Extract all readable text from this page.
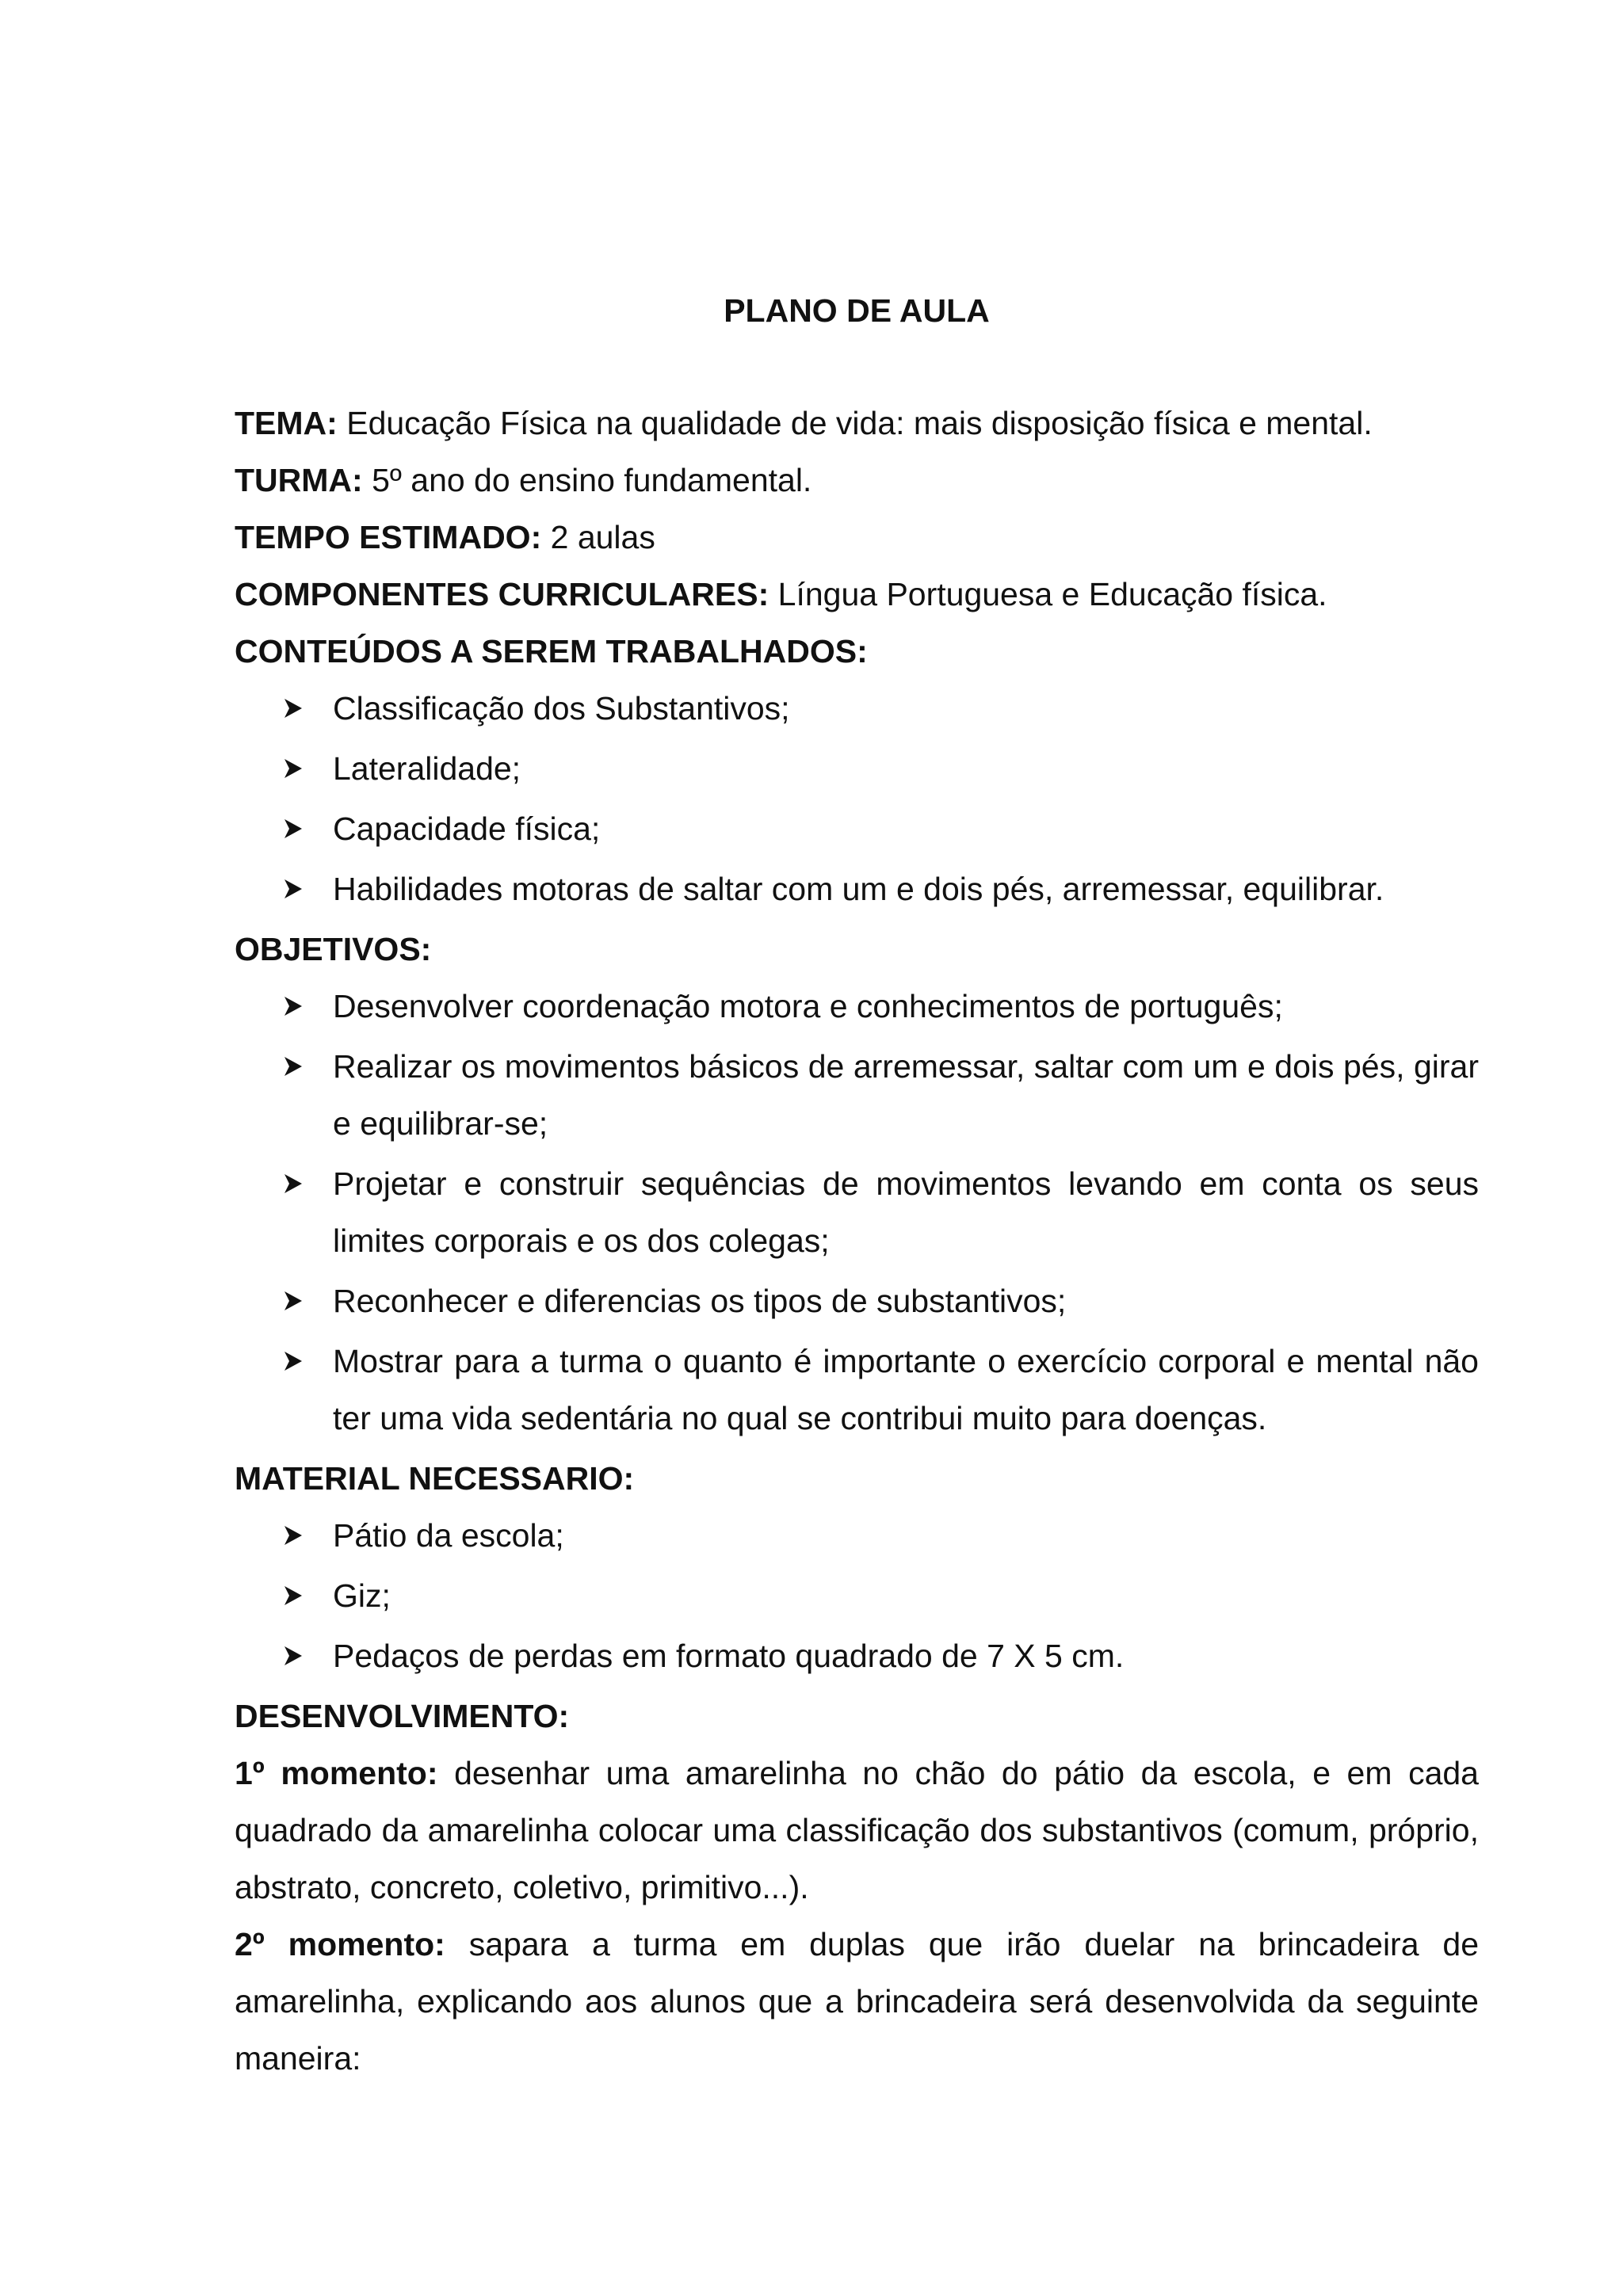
PLANO DE AULA

TEMA: Educação Física na qualidade de vida: mais disposição física e mental.

TURMA: 5º ano do ensino fundamental.

TEMPO ESTIMADO: 2 aulas

COMPONENTES CURRICULARES: Língua Portuguesa e Educação física.

CONTEÚDOS A SEREM TRABALHADOS:

Classificação dos Substantivos;
Lateralidade;
Capacidade física;
Habilidades motoras de saltar com um e dois pés, arremessar, equilibrar.

OBJETIVOS:

Desenvolver coordenação motora e conhecimentos de português;
Realizar os movimentos básicos de arremessar, saltar com um e dois pés, girar e equilibrar-se;
Projetar e construir sequências de movimentos levando em conta os seus limites corporais e os dos colegas;
Reconhecer e diferencias os tipos de substantivos;
Mostrar para a turma o quanto é importante o exercício corporal e mental não ter uma vida sedentária no qual se contribui muito para doenças.

MATERIAL NECESSARIO:

Pátio da escola;
Giz;
Pedaços de perdas em formato quadrado de 7 X 5 cm.

DESENVOLVIMENTO:

1º momento: desenhar uma amarelinha no chão do pátio da escola, e em cada quadrado da amarelinha colocar uma classificação dos substantivos (comum, próprio, abstrato, concreto, coletivo, primitivo...).

2º momento: sapara a turma em duplas que irão duelar na brincadeira de amarelinha, explicando aos alunos que a brincadeira será desenvolvida da seguinte maneira:
